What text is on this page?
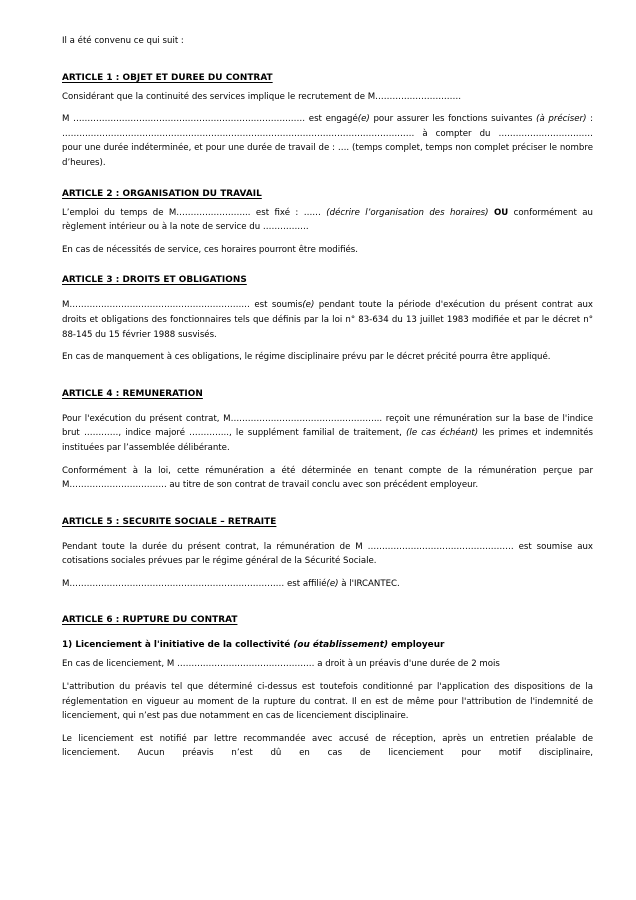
Il a été convenu ce qui suit :

ARTICLE 1 : OBJET ET DUREE DU CONTRAT

Considérant que la continuité des services implique le recrutement de M…………………………

M ……………………………………………………………………… est engagé(e) pour assurer les fonctions suivantes (à préciser) : …………………………………………………………………………………………………………… à compter du …………………………… pour une durée indéterminée, et pour une durée de travail de : …. (temps complet, temps non complet préciser le nombre d’heures).

ARTICLE 2 : ORGANISATION DU TRAVAIL

L’emploi du temps de M…………………….. est fixé : …… (décrire l’organisation des horaires) OU conformément au règlement intérieur ou à la note de service du …………….

En cas de nécessités de service, ces horaires pourront être modifiés.

ARTICLE 3 : DROITS ET OBLIGATIONS

M……………………………………………………… est soumis(e) pendant toute la période d'exécution du présent contrat aux droits et obligations des fonctionnaires tels que définis par la loi n° 83-634 du 13 juillet 1983 modifiée et par le décret n° 88-145 du 15 février 1988 susvisés.

En cas de manquement à ces obligations, le régime disciplinaire prévu par le décret précité pourra être appliqué.

ARTICLE 4 : REMUNERATION

Pour l'exécution du présent contrat, M…………………………………………….. reçoit une rémunération sur la base de l'indice brut …………, indice majoré ………….., le supplément familial de traitement, (le cas échéant) les primes et indemnités instituées par l’assemblée délibérante.

Conformément à la loi, cette rémunération a été déterminée en tenant compte de la rémunération perçue par M……………………………. au titre de son contrat de travail conclu avec son précédent employeur.

ARTICLE 5 : SECURITE SOCIALE – RETRAITE

Pendant toute la durée du présent contrat, la rémunération de M …………………………………………… est soumise aux cotisations sociales prévues par le régime général de la Sécurité Sociale.

M………………………………………………………………… est affilié(e) à l'IRCANTEC.

ARTICLE 6 : RUPTURE DU CONTRAT
1) Licenciement à l'initiative de la collectivité (ou établissement) employeur

En cas de licenciement, M ………………………………………… a droit à un préavis d'une durée de 2 mois

L'attribution du préavis tel que déterminé ci-dessus est toutefois conditionné par l'application des dispositions de la réglementation en vigueur au moment de la rupture du contrat. Il en est de même pour l'attribution de l'indemnité de licenciement, qui n’est pas due notamment en cas de licenciement disciplinaire.

Le licenciement est notifié par lettre recommandée avec accusé de réception, après un entretien préalable de licenciement. Aucun préavis n’est dû en cas de licenciement pour motif disciplinaire,
